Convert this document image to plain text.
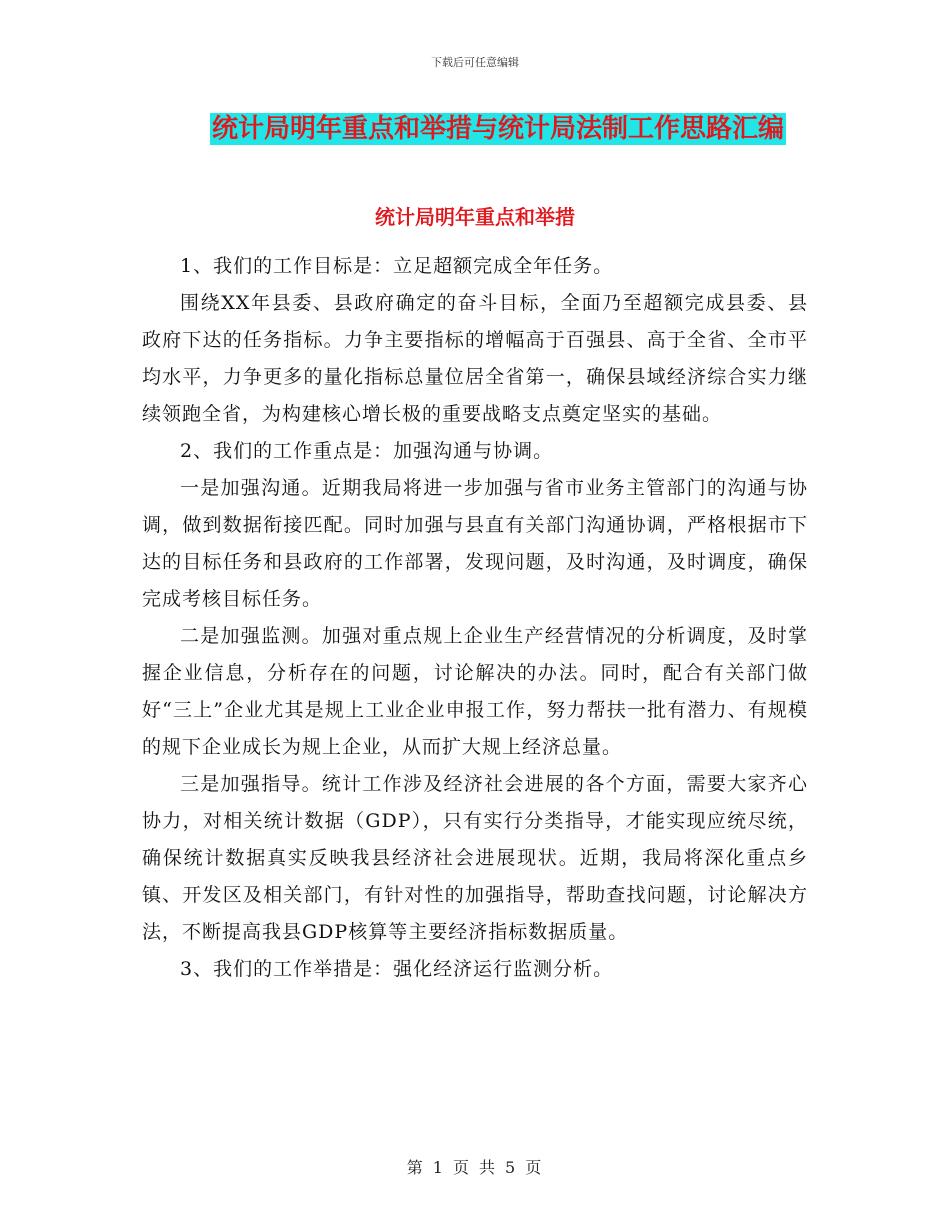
下载后可任意编辑
统计局明年重点和举措与统计局法制工作思路汇编
统计局明年重点和举措

1、我们的工作目标是：立足超额完成全年任务。

围绕XX年县委、县政府确定的奋斗目标，全面乃至超额完成县委、县政府下达的任务指标。力争主要指标的增幅高于百强县、高于全省、全市平均水平，力争更多的量化指标总量位居全省第一，确保县域经济综合实力继续领跑全省，为构建核心增长极的重要战略支点奠定坚实的基础。

2、我们的工作重点是：加强沟通与协调。

一是加强沟通。近期我局将进一步加强与省市业务主管部门的沟通与协调，做到数据衔接匹配。同时加强与县直有关部门沟通协调，严格根据市下达的目标任务和县政府的工作部署，发现问题，及时沟通，及时调度，确保完成考核目标任务。

二是加强监测。加强对重点规上企业生产经营情况的分析调度，及时掌握企业信息，分析存在的问题，讨论解决的办法。同时，配合有关部门做好“三上”企业尤其是规上工业企业申报工作，努力帮扶一批有潜力、有规模的规下企业成长为规上企业，从而扩大规上经济总量。

三是加强指导。统计工作涉及经济社会进展的各个方面，需要大家齐心协力，对相关统计数据（GDP），只有实行分类指导，才能实现应统尽统，确保统计数据真实反映我县经济社会进展现状。近期，我局将深化重点乡镇、开发区及相关部门，有针对性的加强指导，帮助查找问题，讨论解决方法，不断提高我县GDP核算等主要经济指标数据质量。

3、我们的工作举措是：强化经济运行监测分析。

第 1 页 共 5 页
